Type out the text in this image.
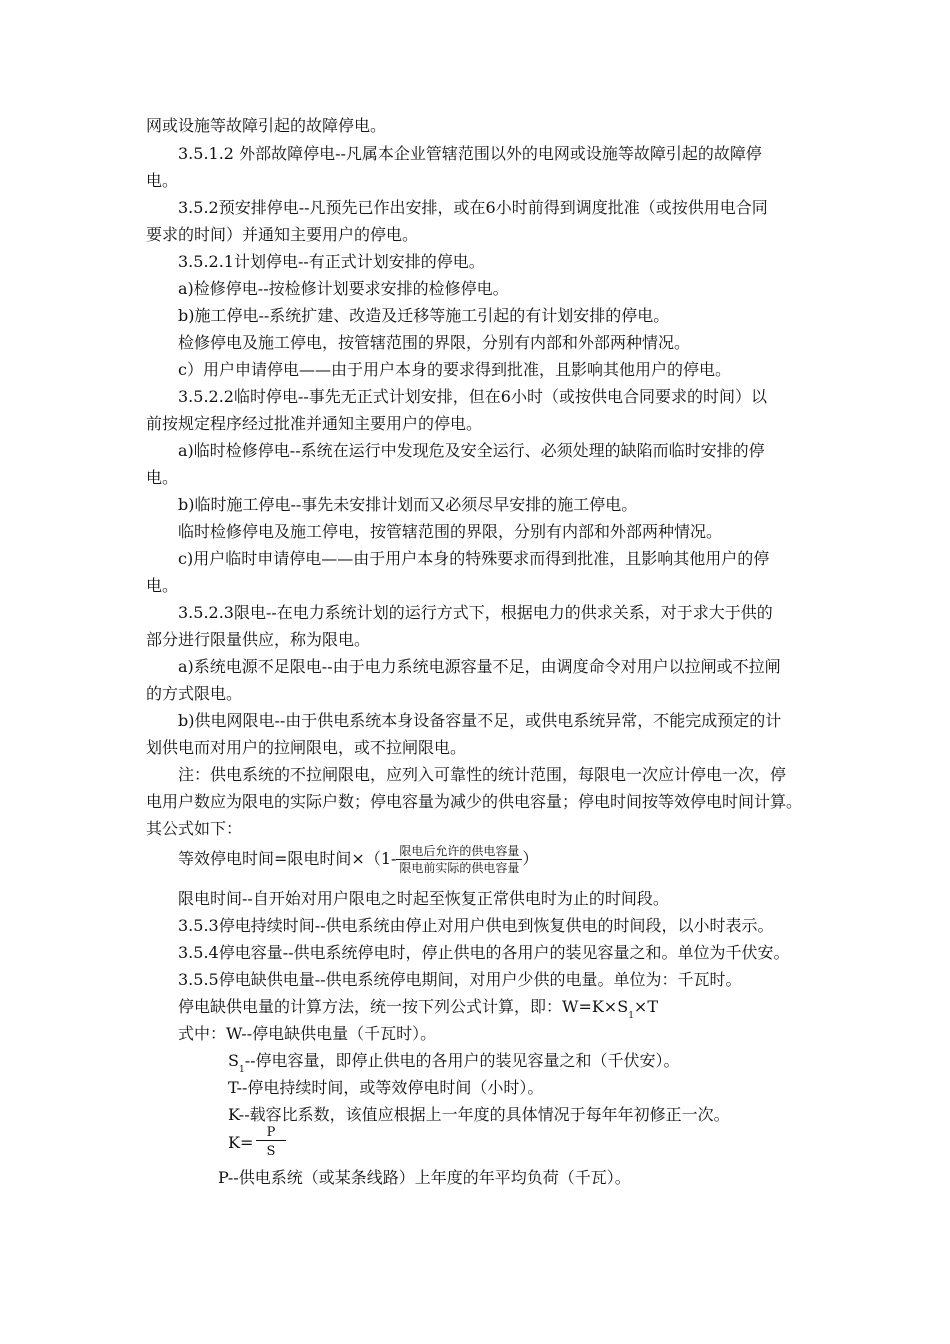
网或设施等故障引起的故障停电。
3.5.1.2 外部故障停电--凡属本企业管辖范围以外的电网或设施等故障引起的故障停
电。
3.5.2预安排停电--凡预先已作出安排，或在6小时前得到调度批准（或按供用电合同
要求的时间）并通知主要用户的停电。
3.5.2.1计划停电--有正式计划安排的停电。
a)检修停电--按检修计划要求安排的检修停电。
b)施工停电--系统扩建、改造及迁移等施工引起的有计划安排的停电。
检修停电及施工停电，按管辖范围的界限，分别有内部和外部两种情况。
c）用户申请停电——由于用户本身的要求得到批准，且影响其他用户的停电。
3.5.2.2临时停电--事先无正式计划安排，但在6小时（或按供电合同要求的时间）以
前按规定程序经过批准并通知主要用户的停电。
a)临时检修停电--系统在运行中发现危及安全运行、必须处理的缺陷而临时安排的停
电。
b)临时施工停电--事先未安排计划而又必须尽早安排的施工停电。
临时检修停电及施工停电，按管辖范围的界限，分别有内部和外部两种情况。
c)用户临时申请停电——由于用户本身的特殊要求而得到批准，且影响其他用户的停
电。
3.5.2.3限电--在电力系统计划的运行方式下，根据电力的供求关系，对于求大于供的
部分进行限量供应，称为限电。
a)系统电源不足限电--由于电力系统电源容量不足，由调度命令对用户以拉闸或不拉闸
的方式限电。
b)供电网限电--由于供电系统本身设备容量不足，或供电系统异常，不能完成预定的计
划供电而对用户的拉闸限电，或不拉闸限电。
注：供电系统的不拉闸限电，应列入可靠性的统计范围，每限电一次应计停电一次，停
电用户数应为限电的实际户数；停电容量为减少的供电容量；停电时间按等效停电时间计算。
其公式如下：
等效停电时间=限电时间$\times(1- \frac{\text{限电后允许的供电容量}}{\text{限电前实际的供电容量}}$ ）
限电时间--自开始对用户限电之时起至恢复正常供电时为止的时间段。
3.5.3停电持续时间--供电系统由停止对用户供电到恢复供电的时间段，以小时表示。
3.5.4停电容量--供电系统停电时，停止供电的各用户的装见容量之和。单位为千伏安。
3.5.5停电缺供电量--供电系统停电期间，对用户少供的电量。单位为：千瓦时。
停电缺供电量的计算方法，统一按下列公式计算，即：$W=K\times S_1\times T$
式中：W--停电缺供电量（千瓦时）。
$S_1--$停电容量，即停止供电的各用户的装见容量之和（千伏安）。
T--停电持续时间，或等效停电时间（小时）。
K--载容比系数，该值应根据上一年度的具体情况于每年年初修正一次。
K=
P
S
P--供电系统（或某条线路）上年度的年平均负荷（千瓦）。
